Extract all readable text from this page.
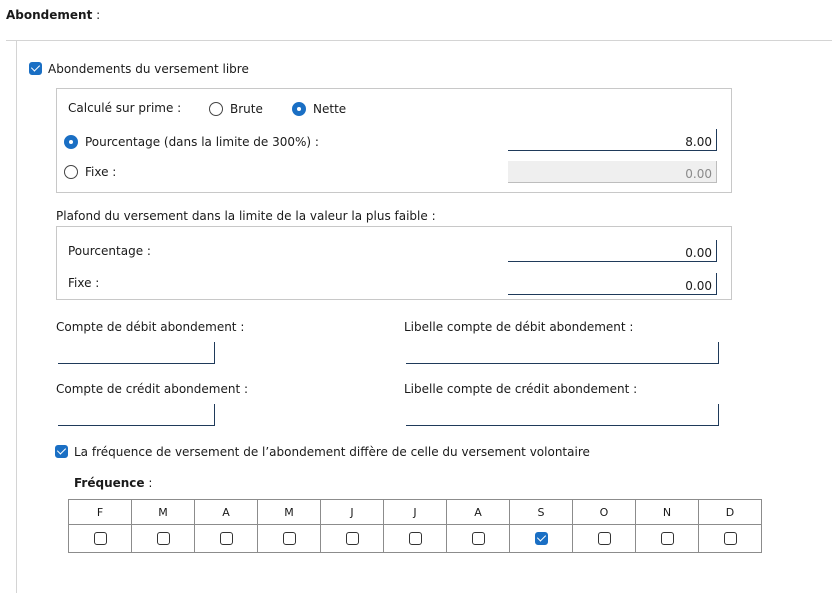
Abondement :
Abondements du versement libre
Calculé sur prime :	Brute	Nette
Pourcentage (dans la limite de 300%) :
8.00
Fixe :
0.00
Plafond du versement dans la limite de la valeur la plus faible :
Pourcentage :
0.00
Fixe :
0.00
Compte de débit abondement :	Libelle compte de débit abondement :
Compte de crédit abondement :	Libelle compte de crédit abondement :
La fréquence de versement de l’abondement diffère de celle du versement volontaire
Fréquence :
F	M	A	M	J	J	A	S	O	N	D
